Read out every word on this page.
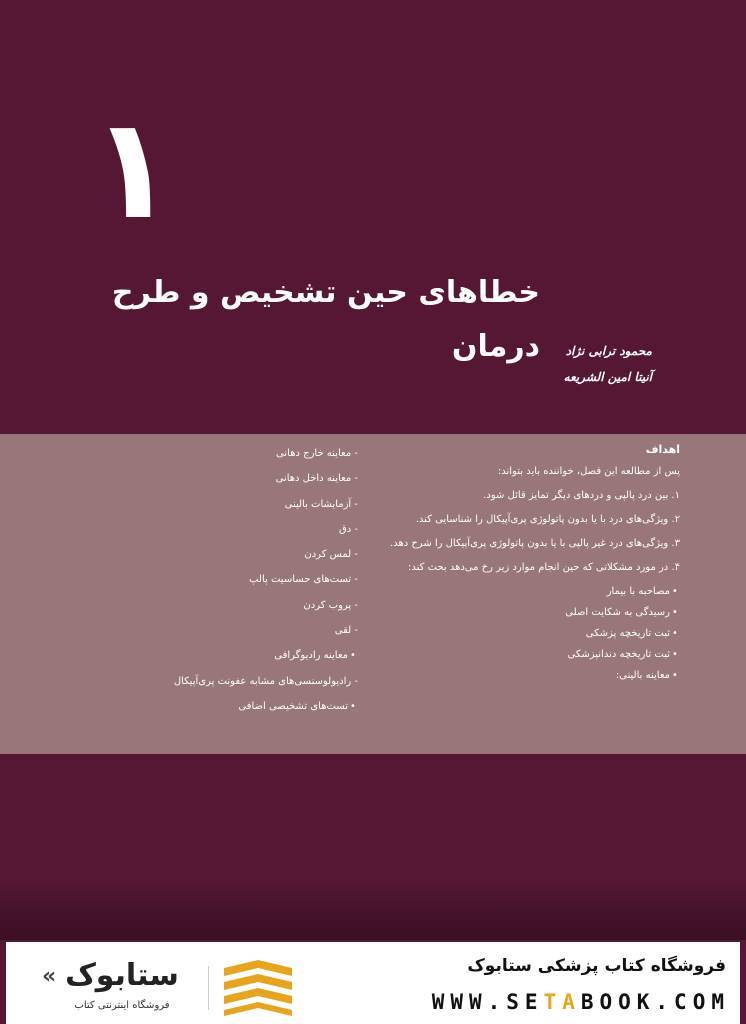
۱
خطاهای حین تشخیص و طرح درمان	محمود ترابی نژاد
آنیتا امین الشریعه
اهداف
پس از مطالعه این فصل، خواننده باید بتواند:
۱. بین درد پالپی و دردهای دیگر تمایز قائل شود.
۲. ویژگی‌های درد با یا بدون پاتولوژی پری‌آپیکال را شناسایی کند.
۳. ویژگی‌های درد غیر پالپی با یا بدون پاتولوژی پری‌آپیکال را شرح دهد.
۴. در مورد مشکلاتی که حین انجام موارد زیر رخ می‌دهد بحث کند:
•مصاحبه با بیمار
•رسیدگی به شکایت اصلی
•ثبت تاریخچه پزشکی
•ثبت تاریخچه دندانپزشکی
•معاینه بالینی:
- معاینه خارج دهانی
- معاینه داخل دهانی
- آزمایشات بالینی
- دق
- لمس کردن
- تست‌های حساسیت پالپ
- پروب کردن
- لقی
•معاینه رادیوگرافی
- رادیولوسنسی‌های مشابه عفونت پری‌آپیکال
•تست‌های تشخیصی اضافی
فروشگاه کتاب پزشکی ستابوک
WWW.SETABOOK.COM
« ستابوک
فروشگاه اینترنتی کتاب
